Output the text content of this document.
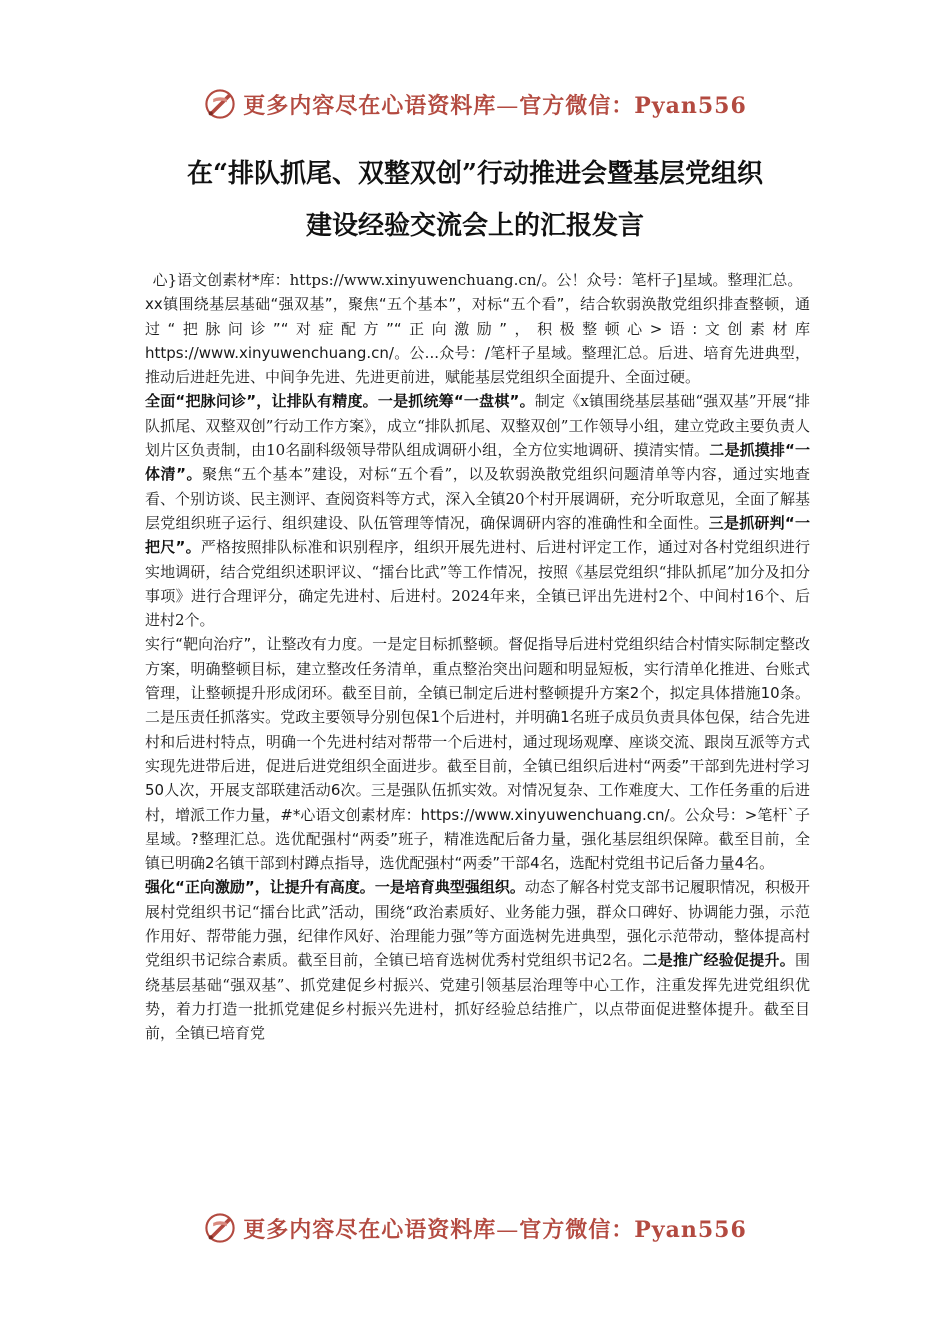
更多内容尽在心语资料库—官方微信：Pyan556
在“排队抓尾、双整双创”行动推进会暨基层党组织
建设经验交流会上的汇报发言

心}语文创素材*库：https://www.xinyuwenchuang.cn/。公！众号：笔杆子]星域。整理汇总。

xx镇围绕基层基础“强双基”，聚焦“五个基本”，对标“五个看”，结合软弱涣散党组织排查整顿，通过“把脉问诊”“对症配方”“正向激励”，积极整顿心>语:文创素材库https://www.xinyuwenchuang.cn/。公...众号：/笔杆子星域。整理汇总。后进、培育先进典型，推动后进赶先进、中间争先进、先进更前进，赋能基层党组织全面提升、全面过硬。

全面“把脉问诊”，让排队有精度。一是抓统筹“一盘棋”。制定《x镇围绕基层基础“强双基”开展“排队抓尾、双整双创”行动工作方案》，成立“排队抓尾、双整双创”工作领导小组，建立党政主要负责人划片区负责制，由10名副科级领导带队组成调研小组，全方位实地调研、摸清实情。二是抓摸排“一体清”。聚焦“五个基本”建设，对标“五个看”，以及软弱涣散党组织问题清单等内容，通过实地查看、个别访谈、民主测评、查阅资料等方式，深入全镇20个村开展调研，充分听取意见，全面了解基层党组织班子运行、组织建设、队伍管理等情况，确保调研内容的准确性和全面性。三是抓研判“一把尺”。严格按照排队标准和识别程序，组织开展先进村、后进村评定工作，通过对各村党组织进行实地调研，结合党组织述职评议、“擂台比武”等工作情况，按照《基层党组织“排队抓尾”加分及扣分事项》进行合理评分，确定先进村、后进村。2024年来，全镇已评出先进村2个、中间村16个、后进村2个。

实行“靶向治疗”，让整改有力度。一是定目标抓整顿。督促指导后进村党组织结合村情实际制定整改方案，明确整顿目标，建立整改任务清单，重点整治突出问题和明显短板，实行清单化推进、台账式管理，让整顿提升形成闭环。截至目前，全镇已制定后进村整顿提升方案2个，拟定具体措施10条。二是压责任抓落实。党政主要领导分别包保1个后进村，并明确1名班子成员负责具体包保，结合先进村和后进村特点，明确一个先进村结对帮带一个后进村，通过现场观摩、座谈交流、跟岗互派等方式实现先进带后进，促进后进党组织全面进步。截至目前，全镇已组织后进村“两委”干部到先进村学习50人次，开展支部联建活动6次。三是强队伍抓实效。对情况复杂、工作难度大、工作任务重的后进村，增派工作力量，#*心语文创素材库：https://www.xinyuwenchuang.cn/。公众号：>笔杆`子星域。?整理汇总。选优配强村“两委”班子，精准选配后备力量，强化基层组织保障。截至目前，全镇已明确2名镇干部到村蹲点指导，选优配强村“两委”干部4名，选配村党组书记后备力量4名。

强化“正向激励”，让提升有高度。一是培育典型强组织。动态了解各村党支部书记履职情况，积极开展村党组织书记“擂台比武”活动，围绕“政治素质好、业务能力强，群众口碑好、协调能力强，示范作用好、帮带能力强，纪律作风好、治理能力强”等方面选树先进典型，强化示范带动，整体提高村党组织书记综合素质。截至目前，全镇已培育选树优秀村党组织书记2名。二是推广经验促提升。围绕基层基础“强双基”、抓党建促乡村振兴、党建引领基层治理等中心工作，注重发挥先进党组织优势，着力打造一批抓党建促乡村振兴先进村，抓好经验总结推广，以点带面促进整体提升。截至目前，全镇已培育党

更多内容尽在心语资料库—官方微信：Pyan556
